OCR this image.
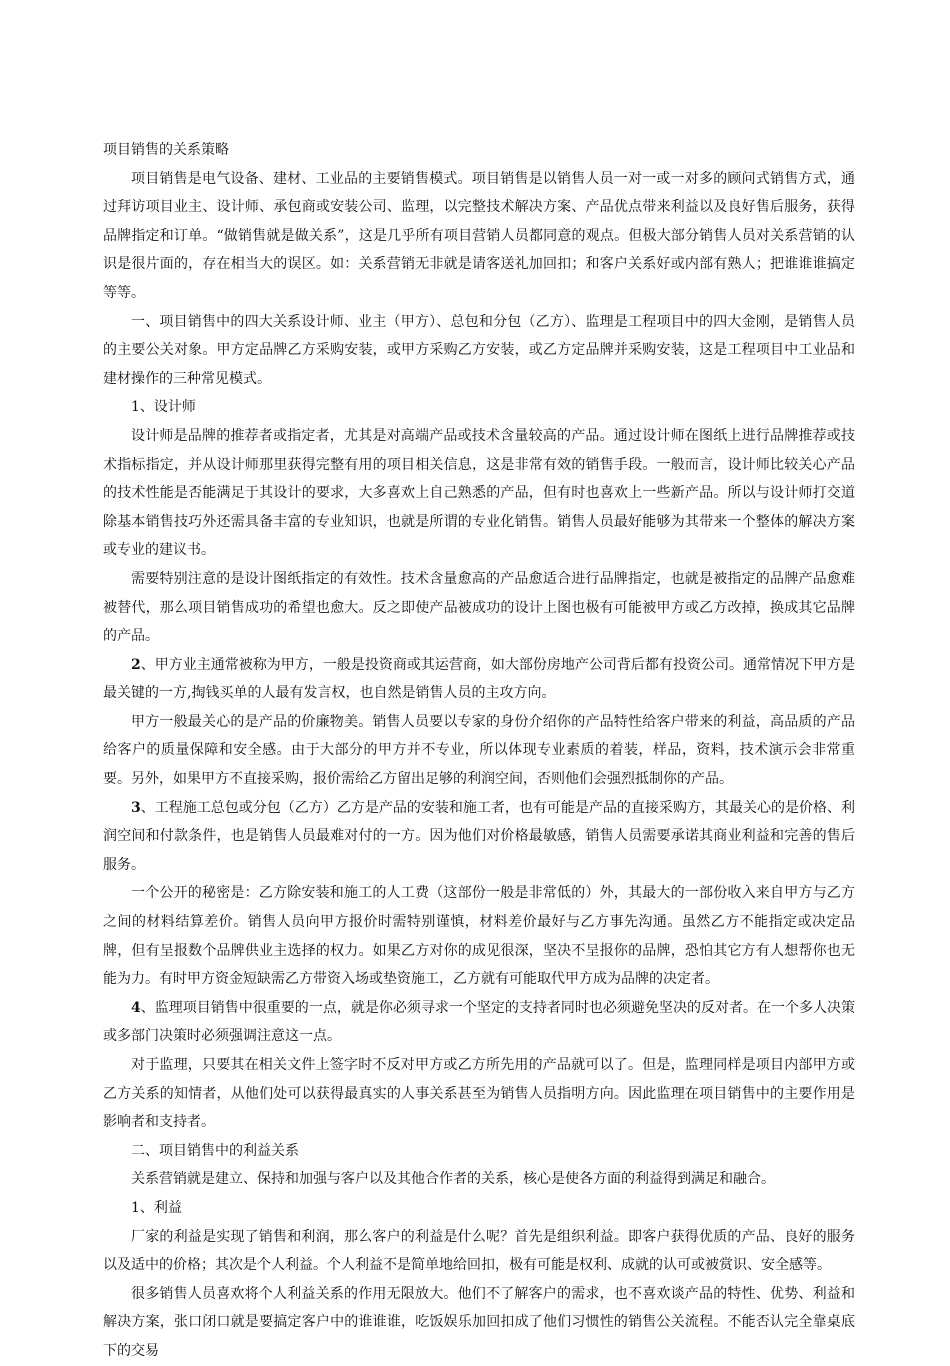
项目销售的关系策略

项目销售是电气设备、建材、工业品的主要销售模式。项目销售是以销售人员一对一或一对多的顾问式销售方式，通过拜访项目业主、设计师、承包商或安装公司、监理，以完整技术解决方案、产品优点带来利益以及良好售后服务，获得品牌指定和订单。“做销售就是做关系”，这是几乎所有项目营销人员都同意的观点。但极大部分销售人员对关系营销的认识是很片面的，存在相当大的误区。如：关系营销无非就是请客送礼加回扣；和客户关系好或内部有熟人；把谁谁谁搞定等等。

一、项目销售中的四大关系设计师、业主（甲方）、总包和分包（乙方）、监理是工程项目中的四大金刚，是销售人员的主要公关对象。甲方定品牌乙方采购安装，或甲方采购乙方安装，或乙方定品牌并采购安装，这是工程项目中工业品和建材操作的三种常见模式。

1、设计师

设计师是品牌的推荐者或指定者，尤其是对高端产品或技术含量较高的产品。通过设计师在图纸上进行品牌推荐或技术指标指定，并从设计师那里获得完整有用的项目相关信息，这是非常有效的销售手段。一般而言，设计师比较关心产品的技术性能是否能满足于其设计的要求，大多喜欢上自己熟悉的产品，但有时也喜欢上一些新产品。所以与设计师打交道除基本销售技巧外还需具备丰富的专业知识，也就是所谓的专业化销售。销售人员最好能够为其带来一个整体的解决方案或专业的建议书。

需要特别注意的是设计图纸指定的有效性。技术含量愈高的产品愈适合进行品牌指定，也就是被指定的品牌产品愈难被替代，那么项目销售成功的希望也愈大。反之即使产品被成功的设计上图也极有可能被甲方或乙方改掉，换成其它品牌的产品。

2、甲方业主通常被称为甲方，一般是投资商或其运营商，如大部份房地产公司背后都有投资公司。通常情况下甲方是最关键的一方,掏钱买单的人最有发言权，也自然是销售人员的主攻方向。

甲方一般最关心的是产品的价廉物美。销售人员要以专家的身份介绍你的产品特性给客户带来的利益，高品质的产品给客户的质量保障和安全感。由于大部分的甲方并不专业，所以体现专业素质的着装，样品，资料，技术演示会非常重要。另外，如果甲方不直接采购，报价需给乙方留出足够的利润空间，否则他们会强烈抵制你的产品。

3、工程施工总包或分包（乙方）乙方是产品的安装和施工者，也有可能是产品的直接采购方，其最关心的是价格、利润空间和付款条件，也是销售人员最难对付的一方。因为他们对价格最敏感，销售人员需要承诺其商业利益和完善的售后服务。

一个公开的秘密是：乙方除安装和施工的人工费（这部份一般是非常低的）外，其最大的一部份收入来自甲方与乙方之间的材料结算差价。销售人员向甲方报价时需特别谨慎，材料差价最好与乙方事先沟通。虽然乙方不能指定或决定品牌，但有呈报数个品牌供业主选择的权力。如果乙方对你的成见很深，坚决不呈报你的品牌，恐怕其它方有人想帮你也无能为力。有时甲方资金短缺需乙方带资入场或垫资施工，乙方就有可能取代甲方成为品牌的决定者。

4、监理项目销售中很重要的一点，就是你必须寻求一个坚定的支持者同时也必须避免坚决的反对者。在一个多人决策或多部门决策时必须强调注意这一点。

对于监理，只要其在相关文件上签字时不反对甲方或乙方所先用的产品就可以了。但是，监理同样是项目内部甲方或乙方关系的知情者，从他们处可以获得最真实的人事关系甚至为销售人员指明方向。因此监理在项目销售中的主要作用是影响者和支持者。

二、项目销售中的利益关系

关系营销就是建立、保持和加强与客户以及其他合作者的关系，核心是使各方面的利益得到满足和融合。

1、利益

厂家的利益是实现了销售和利润，那么客户的利益是什么呢？首先是组织利益。即客户获得优质的产品、良好的服务以及适中的价格；其次是个人利益。个人利益不是简单地给回扣，极有可能是权利、成就的认可或被赏识、安全感等。

很多销售人员喜欢将个人利益关系的作用无限放大。他们不了解客户的需求，也不喜欢谈产品的特性、优势、利益和解决方案，张口闭口就是要搞定客户中的谁谁谁，吃饭娱乐加回扣成了他们习惯性的销售公关流程。不能否认完全靠桌底下的交易
